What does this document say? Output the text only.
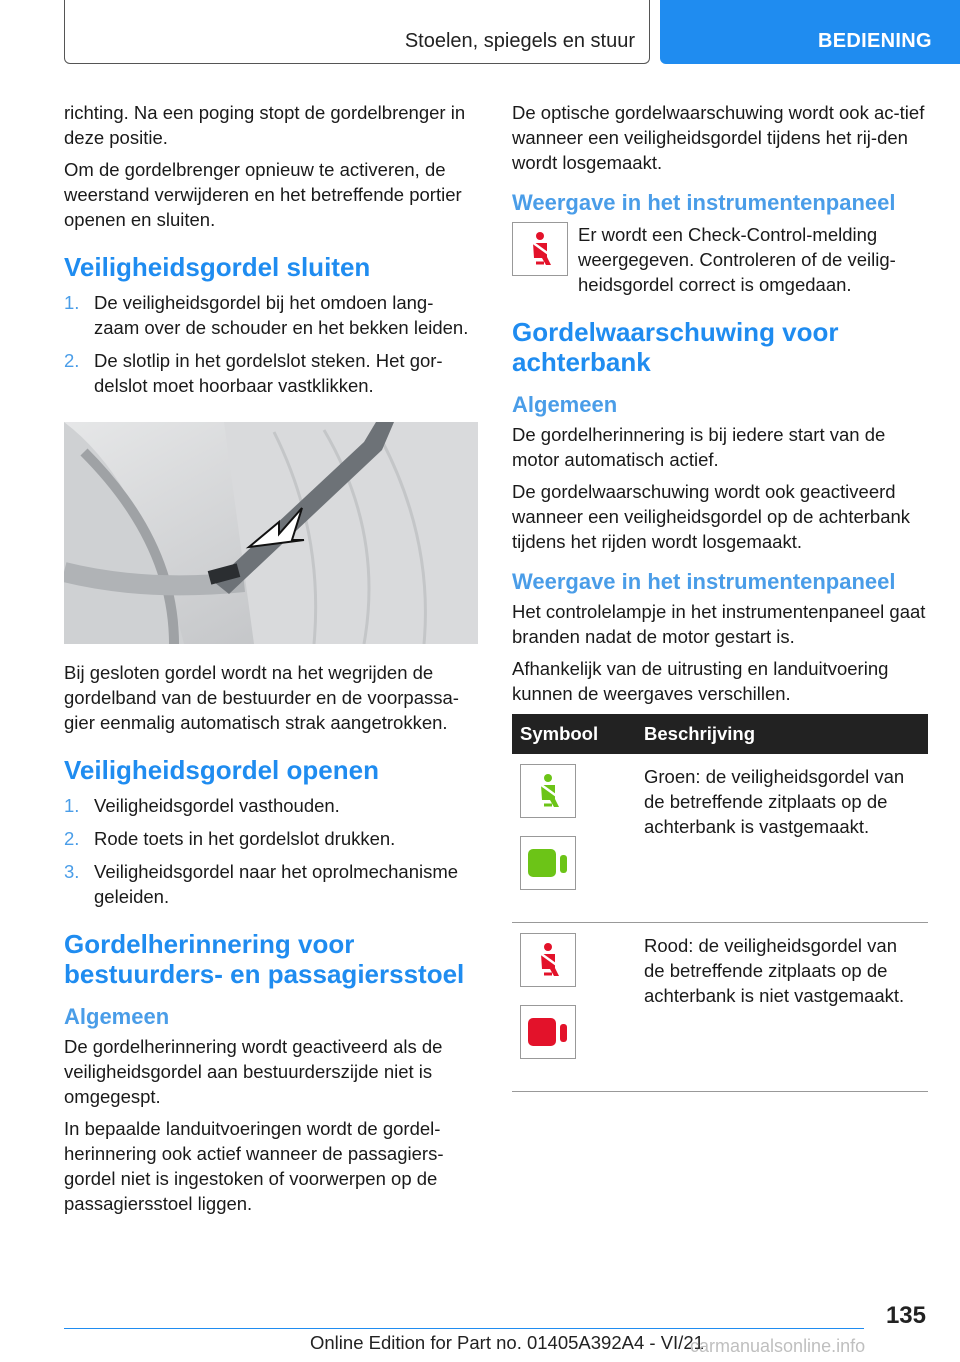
Stoelen, spiegels en stuur	BEDIENING

richting. Na een poging stopt de gordelbrenger in deze positie.

Om de gordelbrenger opnieuw te activeren, de weerstand verwijderen en het betreffende portier openen en sluiten.

Veiligheidsgordel sluiten
1. De veiligheidsgordel bij het omdoen lang-zaam over de schouder en het bekken leiden.
2. De slotlip in het gordelslot steken. Het gor-delslot moet hoorbaar vastklikken.

Bij gesloten gordel wordt na het wegrijden de gordelband van de bestuurder en de voorpassa-gier eenmalig automatisch strak aangetrokken.

Veiligheidsgordel openen
1. Veiligheidsgordel vasthouden.
2. Rode toets in het gordelslot drukken.
3. Veiligheidsgordel naar het oprolmechanisme geleiden.
Gordelherinnering voor bestuurders- en passagiersstoel
Algemeen

De gordelherinnering wordt geactiveerd als de veiligheidsgordel aan bestuurderszijde niet is omgegespt.

In bepaalde landuitvoeringen wordt de gordel-herinnering ook actief wanneer de passagiers-gordel niet is ingestoken of voorwerpen op de passagiersstoel liggen.

De optische gordelwaarschuwing wordt ook ac-tief wanneer een veiligheidsgordel tijdens het rij-den wordt losgemaakt.

Weergave in het instrumentenpaneel

Er wordt een Check-Control-melding weergegeven. Controleren of de veilig-heidsgordel correct is omgedaan.

Gordelwaarschuwing voor achterbank
Algemeen

De gordelherinnering is bij iedere start van de motor automatisch actief.

De gordelwaarschuwing wordt ook geactiveerd wanneer een veiligheidsgordel op de achterbank tijdens het rijden wordt losgemaakt.

Weergave in het instrumentenpaneel

Het controlelampje in het instrumentenpaneel gaat branden nadat de motor gestart is.

Afhankelijk van de uitrusting en landuitvoering kunnen de weergaves verschillen.

Symbool	Beschrijving

	Groen: de veiligheidsgordel van de betreffende zitplaats op de achterbank is vastgemaakt.

	Rood: de veiligheidsgordel van de betreffende zitplaats op de achterbank is niet vastgemaakt.
135
Online Edition for Part no. 01405A392A4 - VI/21
carmanualsonline.info
